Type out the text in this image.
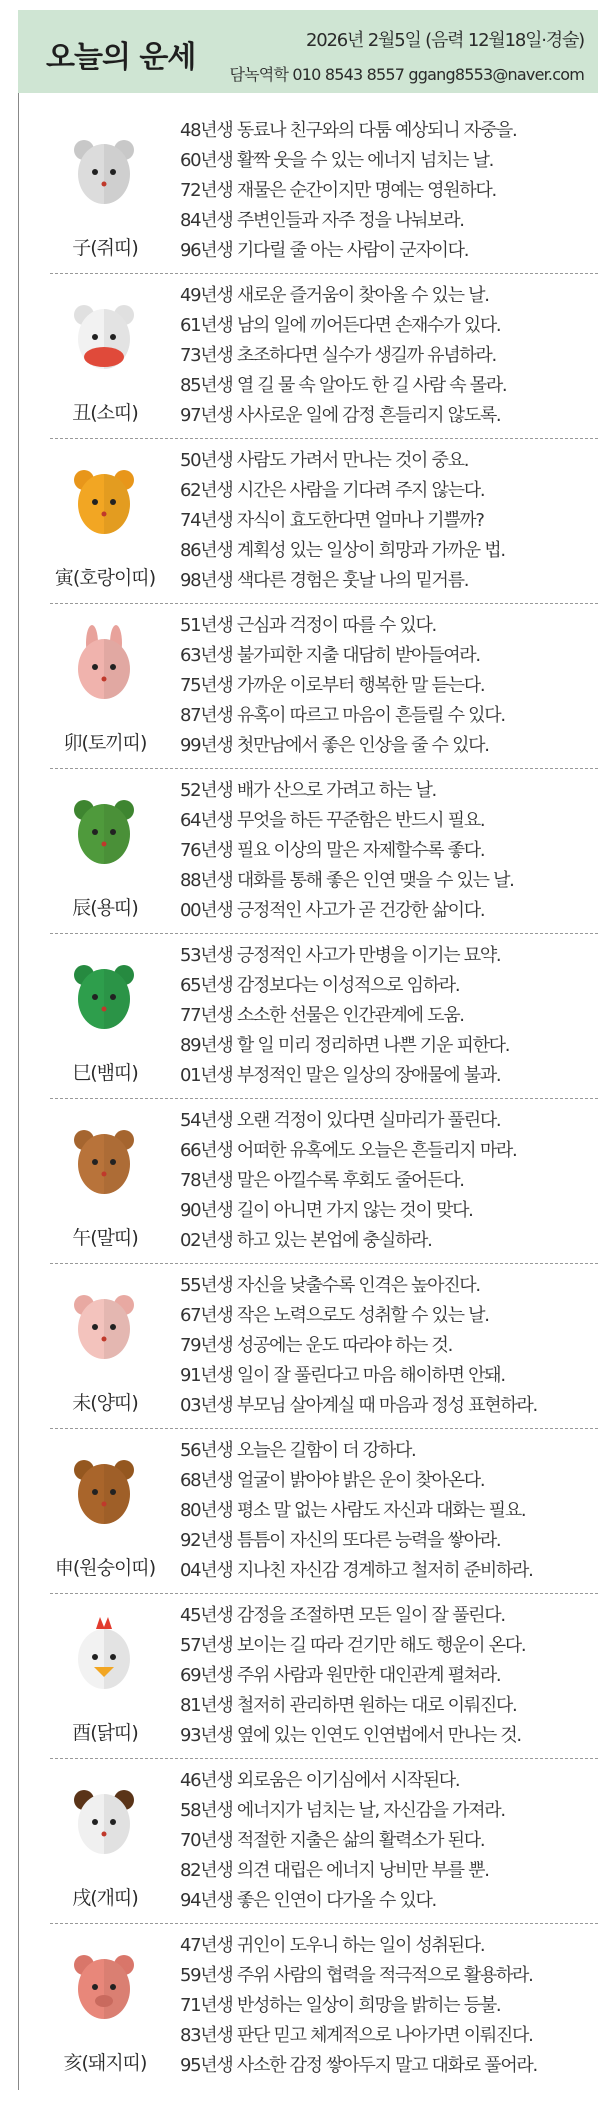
오늘의 운세	2026년 2월5일 (음력 12월18일·경술)
담녹역학 010 8543 8557 ggang8553@naver.com
子(쥐띠)
48년생 동료나 친구와의 다툼 예상되니 자중을.
60년생 활짝 웃을 수 있는 에너지 넘치는 날.
72년생 재물은 순간이지만 명예는 영원하다.
84년생 주변인들과 자주 정을 나눠보라.
96년생 기다릴 줄 아는 사람이 군자이다.
丑(소띠)
49년생 새로운 즐거움이 찾아올 수 있는 날.
61년생 남의 일에 끼어든다면 손재수가 있다.
73년생 초조하다면 실수가 생길까 유념하라.
85년생 열 길 물 속 알아도 한 길 사람 속 몰라.
97년생 사사로운 일에 감정 흔들리지 않도록.
寅(호랑이띠)
50년생 사람도 가려서 만나는 것이 중요.
62년생 시간은 사람을 기다려 주지 않는다.
74년생 자식이 효도한다면 얼마나 기쁠까?
86년생 계획성 있는 일상이 희망과 가까운 법.
98년생 색다른 경험은 훗날 나의 밑거름.
卯(토끼띠)
51년생 근심과 걱정이 따를 수 있다.
63년생 불가피한 지출 대담히 받아들여라.
75년생 가까운 이로부터 행복한 말 듣는다.
87년생 유혹이 따르고 마음이 흔들릴 수 있다.
99년생 첫만남에서 좋은 인상을 줄 수 있다.
辰(용띠)
52년생 배가 산으로 가려고 하는 날.
64년생 무엇을 하든 꾸준함은 반드시 필요.
76년생 필요 이상의 말은 자제할수록 좋다.
88년생 대화를 통해 좋은 인연 맺을 수 있는 날.
00년생 긍정적인 사고가 곧 건강한 삶이다.
巳(뱀띠)
53년생 긍정적인 사고가 만병을 이기는 묘약.
65년생 감정보다는 이성적으로 임하라.
77년생 소소한 선물은 인간관계에 도움.
89년생 할 일 미리 정리하면 나쁜 기운 피한다.
01년생 부정적인 말은 일상의 장애물에 불과.
午(말띠)
54년생 오랜 걱정이 있다면 실마리가 풀린다.
66년생 어떠한 유혹에도 오늘은 흔들리지 마라.
78년생 말은 아낄수록 후회도 줄어든다.
90년생 길이 아니면 가지 않는 것이 맞다.
02년생 하고 있는 본업에 충실하라.
未(양띠)
55년생 자신을 낮출수록 인격은 높아진다.
67년생 작은 노력으로도 성취할 수 있는 날.
79년생 성공에는 운도 따라야 하는 것.
91년생 일이 잘 풀린다고 마음 해이하면 안돼.
03년생 부모님 살아계실 때 마음과 정성 표현하라.
申(원숭이띠)
56년생 오늘은 길함이 더 강하다.
68년생 얼굴이 밝아야 밝은 운이 찾아온다.
80년생 평소 말 없는 사람도 자신과 대화는 필요.
92년생 틈틈이 자신의 또다른 능력을 쌓아라.
04년생 지나친 자신감 경계하고 철저히 준비하라.
酉(닭띠)
45년생 감정을 조절하면 모든 일이 잘 풀린다.
57년생 보이는 길 따라 걷기만 해도 행운이 온다.
69년생 주위 사람과 원만한 대인관계 펼쳐라.
81년생 철저히 관리하면 원하는 대로 이뤄진다.
93년생 옆에 있는 인연도 인연법에서 만나는 것.
戌(개띠)
46년생 외로움은 이기심에서 시작된다.
58년생 에너지가 넘치는 날, 자신감을 가져라.
70년생 적절한 지출은 삶의 활력소가 된다.
82년생 의견 대립은 에너지 낭비만 부를 뿐.
94년생 좋은 인연이 다가올 수 있다.
亥(돼지띠)
47년생 귀인이 도우니 하는 일이 성취된다.
59년생 주위 사람의 협력을 적극적으로 활용하라.
71년생 반성하는 일상이 희망을 밝히는 등불.
83년생 판단 믿고 체계적으로 나아가면 이뤄진다.
95년생 사소한 감정 쌓아두지 말고 대화로 풀어라.
